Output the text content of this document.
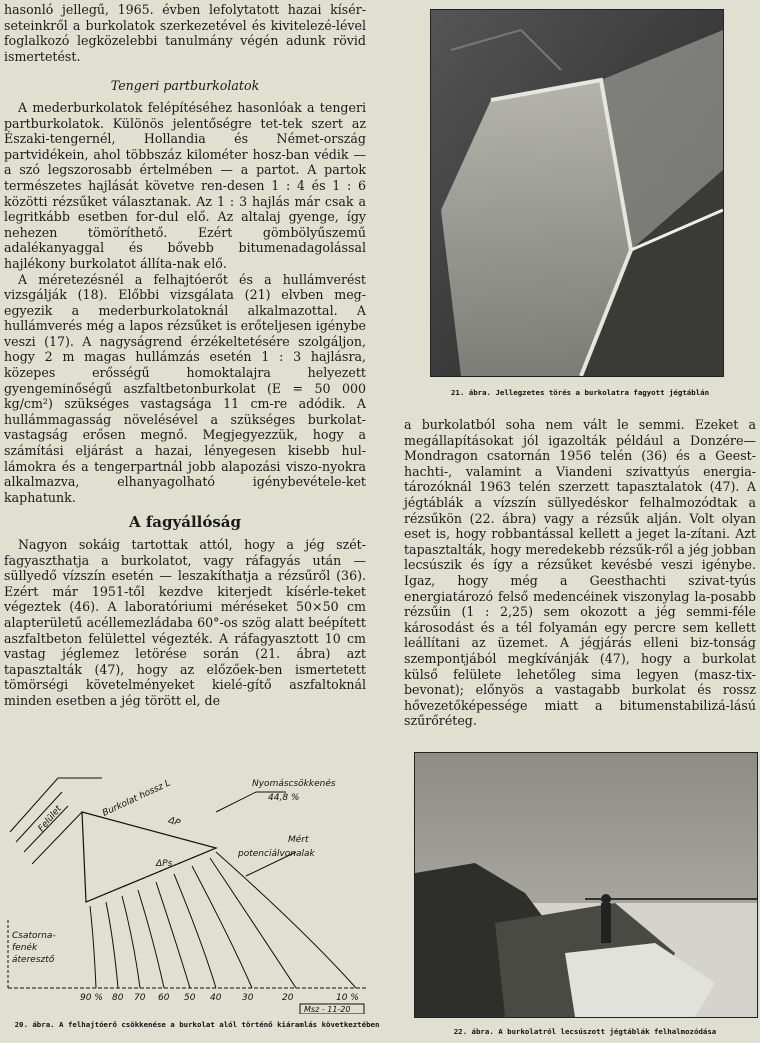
hasonló jellegű, 1965. évben lefolytatott hazai kísér-seteinkről a burkolatok szerkezetével és kivitelezé-lével foglalkozó legközelebbi tanulmány végén adunk rövid ismertetést.

Tengeri partburkolatok

A mederburkolatok felépítéséhez hasonlóak a tengeri partburkolatok. Különös jelentőségre tet-tek szert az Északi-tengernél, Hollandia és Német-ország partvidékein, ahol többszáz kilométer hosz-ban védik — a szó legszorosabb értelmében — a partot. A partok természetes hajlását követve ren-desen 1 : 4 és 1 : 6 közötti rézsűket választanak. Az 1 : 3 hajlás már csak a legritkább esetben for-dul elő. Az altalaj gyenge, így nehezen tömöríthető. Ezért gömbölyűszemű adalékanyaggal és bővebb bitumenadagolással hajlékony burkolatot állíta-nak elő.

A méretezésnél a felhajtóerőt és a hullámverést vizsgálják (18). Előbbi vizsgálata (21) elvben meg-egyezik a mederburkolatoknál alkalmazottal. A hullámverés még a lapos rézsűket is erőteljesen igénybe veszi (17). A nagyságrend érzékeltetésére szolgáljon, hogy 2 m magas hullámzás esetén 1 : 3 hajlásra, közepes erősségű homoktalajra helyezett gyengeminőségű aszfaltbetonburkolat (E = 50 000 kg/cm²) szükséges vastagsága 11 cm-re adódik. A hullámmagasság növelésével a szükséges burkolat-vastagság erősen megnő. Megjegyezzük, hogy a számítási eljárást a hazai, lényegesen kisebb hul-lámokra és a tengerpartnál jobb alapozási viszo-nyokra alkalmazva, elhanyagolható igénybevétele-ket kaphatunk.

A fagyállóság

Nagyon sokáig tartottak attól, hogy a jég szét-fagyaszthatja a burkolatot, vagy ráfagyás után — süllyedő vízszín esetén — leszakíthatja a rézsűről (36). Ezért már 1951-től kezdve kiterjedt kísérle-teket végeztek (46). A laboratóriumi méréseket 50×50 cm alapterületű acéllemezládaba 60°-os szög alatt beépített aszfaltbeton felülettel végezték. A ráfagyasztott 10 cm vastag jéglemez letörése során (21. ábra) azt tapasztalták (47), hogy az előzőek-ben ismertetett tömörségi követelményeket kielé-gítő aszfaltoknál minden esetben a jég törött el, de

a burkolatból soha nem vált le semmi. Ezeket a megállapításokat jól igazolták például a Donzére—Mondragon csatornán 1956 telén (36) és a Geest-hachti-, valamint a Viandeni szivattyús energia-tározóknál 1963 telén szerzett tapasztalatok (47). A jégtáblák a vízszín süllyedéskor felhalmozódtak a rézsűkön (22. ábra) vagy a rézsűk alján. Volt olyan eset is, hogy robbantással kellett a jeget la-zítani. Azt tapasztalták, hogy meredekebb rézsűk-ről a jég jobban lecsúszik és így a rézsűket kevésbé veszi igénybe. Igaz, hogy még a Geesthachti szivat-tyús energiatározó felső medencéinek viszonylag la-posabb rézsűin (1 : 2,25) sem okozott a jég semmi-féle károsodást és a tél folyamán egy percre sem kellett leállítani az üzemet. A jégjárás elleni biz-tonság szempontjából megkívánják (47), hogy a burkolat külső felülete lehetőleg sima legyen (masz-tix-bevonat); előnyös a vastagabb burkolat és rossz hővezetőképessége miatt a bitumenstabilizá-lású szűrőréteg.

21. ábra. Jellegzetes törés a burkolatra fagyott jégtáblán
Nyomáscsökkenés
44,8 %
Burkolat hossz L
Felület	ΔP
ΔPs
Mért
potenciálvonalak
Csatorna-
fenék
áteresztő
90 % 80 70 60 50 40 30	20	10 %
Msz - 11-20
20. ábra. A felhajtóerő csökkenése a burkolat alól történő kiáramlás következtében
22. ábra. A burkolatról lecsúszott jégtáblák felhalmozódása
